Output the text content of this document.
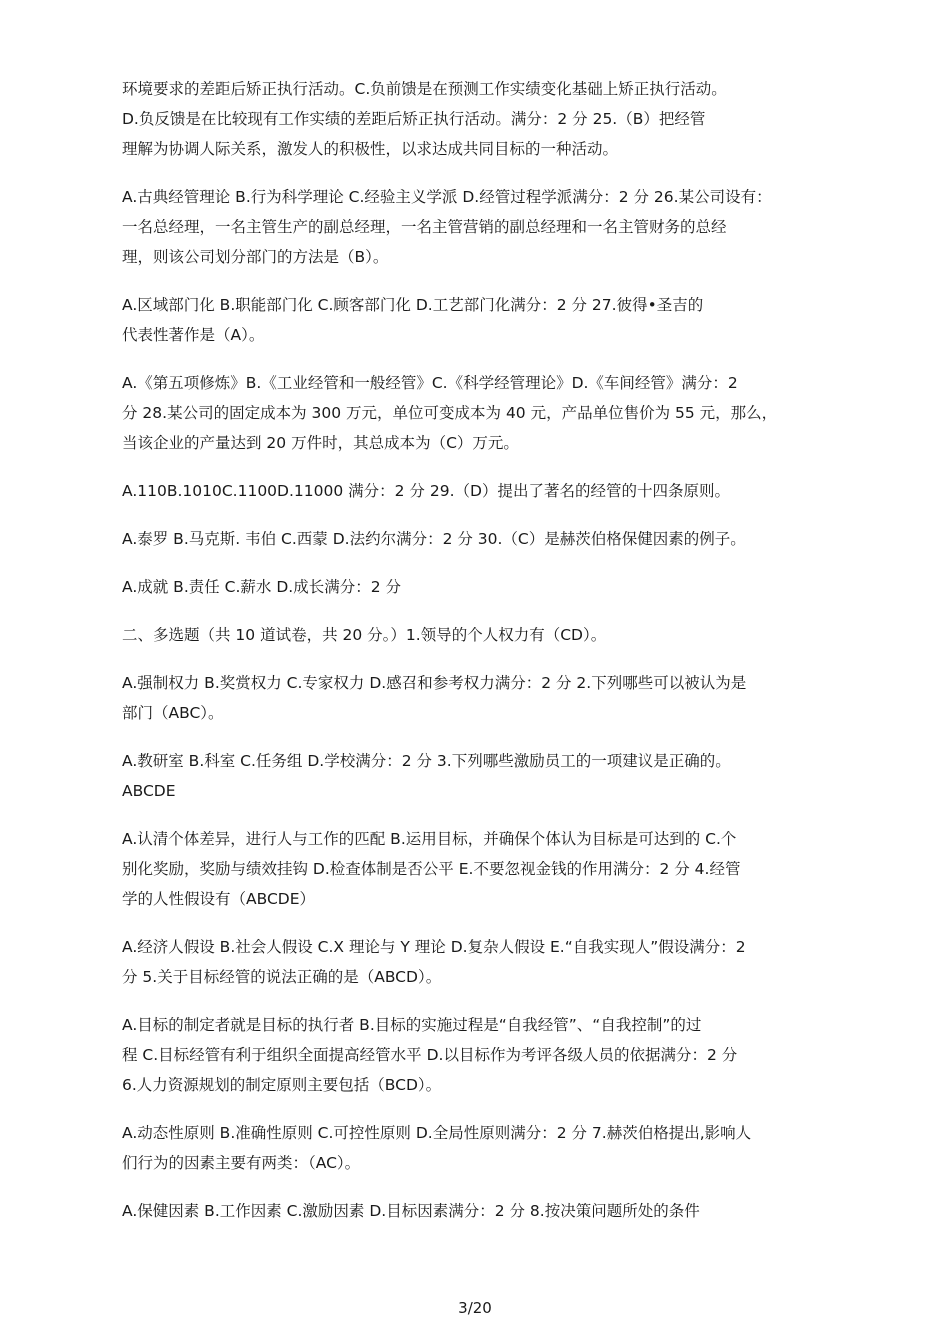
环境要求的差距后矫正执行活动。C.负前馈是在预测工作实绩变化基础上矫正执行活动。
D.负反馈是在比较现有工作实绩的差距后矫正执行活动。满分：2 分 25.（B）把经管
理解为协调人际关系，激发人的积极性，以求达成共同目标的一种活动。

A.古典经管理论 B.行为科学理论 C.经验主义学派 D.经管过程学派满分：2 分 26.某公司设有：
一名总经理，一名主管生产的副总经理，一名主管营销的副总经理和一名主管财务的总经
理，则该公司划分部门的方法是（B）。

A.区域部门化 B.职能部门化 C.顾客部门化 D.工艺部门化满分：2 分 27.彼得•圣吉的
代表性著作是（A）。

A.《第五项修炼》B.《工业经管和一般经管》C.《科学经管理论》D.《车间经管》满分：2
分 28.某公司的固定成本为 300 万元，单位可变成本为 40 元，产品单位售价为 55 元，那么，
当该企业的产量达到 20 万件时，其总成本为（C）万元。

A.110B.1010C.1100D.11000 满分：2 分 29.（D）提出了著名的经管的十四条原则。

A.泰罗 B.马克斯. 韦伯 C.西蒙 D.法约尔满分：2 分 30.（C）是赫茨伯格保健因素的例子。

A.成就 B.责任 C.薪水 D.成长满分：2 分

二、多选题（共 10 道试卷，共 20 分。）1.领导的个人权力有（CD）。

A.强制权力 B.奖赏权力 C.专家权力 D.感召和参考权力满分：2 分 2.下列哪些可以被认为是
部门（ABC）。

A.教研室 B.科室 C.任务组 D.学校满分：2 分 3.下列哪些激励员工的一项建议是正确的。
ABCDE

A.认清个体差异，进行人与工作的匹配 B.运用目标，并确保个体认为目标是可达到的 C.个
别化奖励，奖励与绩效挂钩 D.检查体制是否公平 E.不要忽视金钱的作用满分：2 分 4.经管
学的人性假设有（ABCDE）

A.经济人假设 B.社会人假设 C.X 理论与 Y 理论 D.复杂人假设 E.“自我实现人”假设满分：2
分 5.关于目标经管的说法正确的是（ABCD）。

A.目标的制定者就是目标的执行者 B.目标的实施过程是“自我经管”、“自我控制”的过
程 C.目标经管有利于组织全面提高经管水平 D.以目标作为考评各级人员的依据满分：2 分
6.人力资源规划的制定原则主要包括（BCD）。

A.动态性原则 B.准确性原则 C.可控性原则 D.全局性原则满分：2 分 7.赫茨伯格提出,影响人
们行为的因素主要有两类：（AC）。

A.保健因素 B.工作因素 C.激励因素 D.目标因素满分：2 分 8.按决策问题所处的条件

3/20
